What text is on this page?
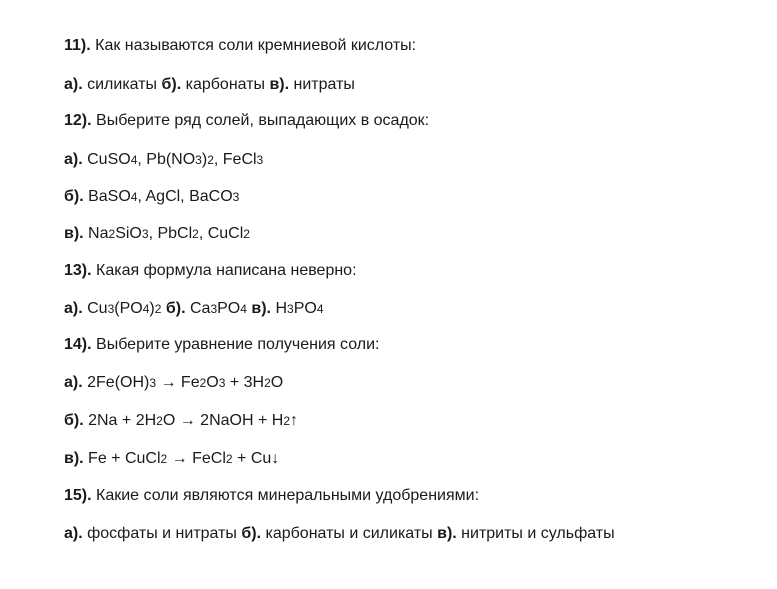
11). Как называются соли кремниевой кислоты:
а). силикаты б). карбонаты в). нитраты
12). Выберите ряд солей, выпадающих в осадок:
а). CuSO4, Pb(NO3)2, FeCl3
б). BaSO4, AgCl, BaCO3
в). Na2SiO3, PbCl2, CuCl2
13). Какая формула написана неверно:
а). Cu3(PO4)2 б). Ca3PO4 в). H3PO4
14). Выберите уравнение получения соли:
а). 2Fe(OH)3 → Fe2O3 + 3H2O
б). 2Na + 2H2O → 2NaOH + H2↑
в). Fe + CuCl2 → FeCl2 + Cu↓
15). Какие соли являются минеральными удобрениями:
а). фосфаты и нитраты б). карбонаты и силикаты в). нитриты и сульфаты
